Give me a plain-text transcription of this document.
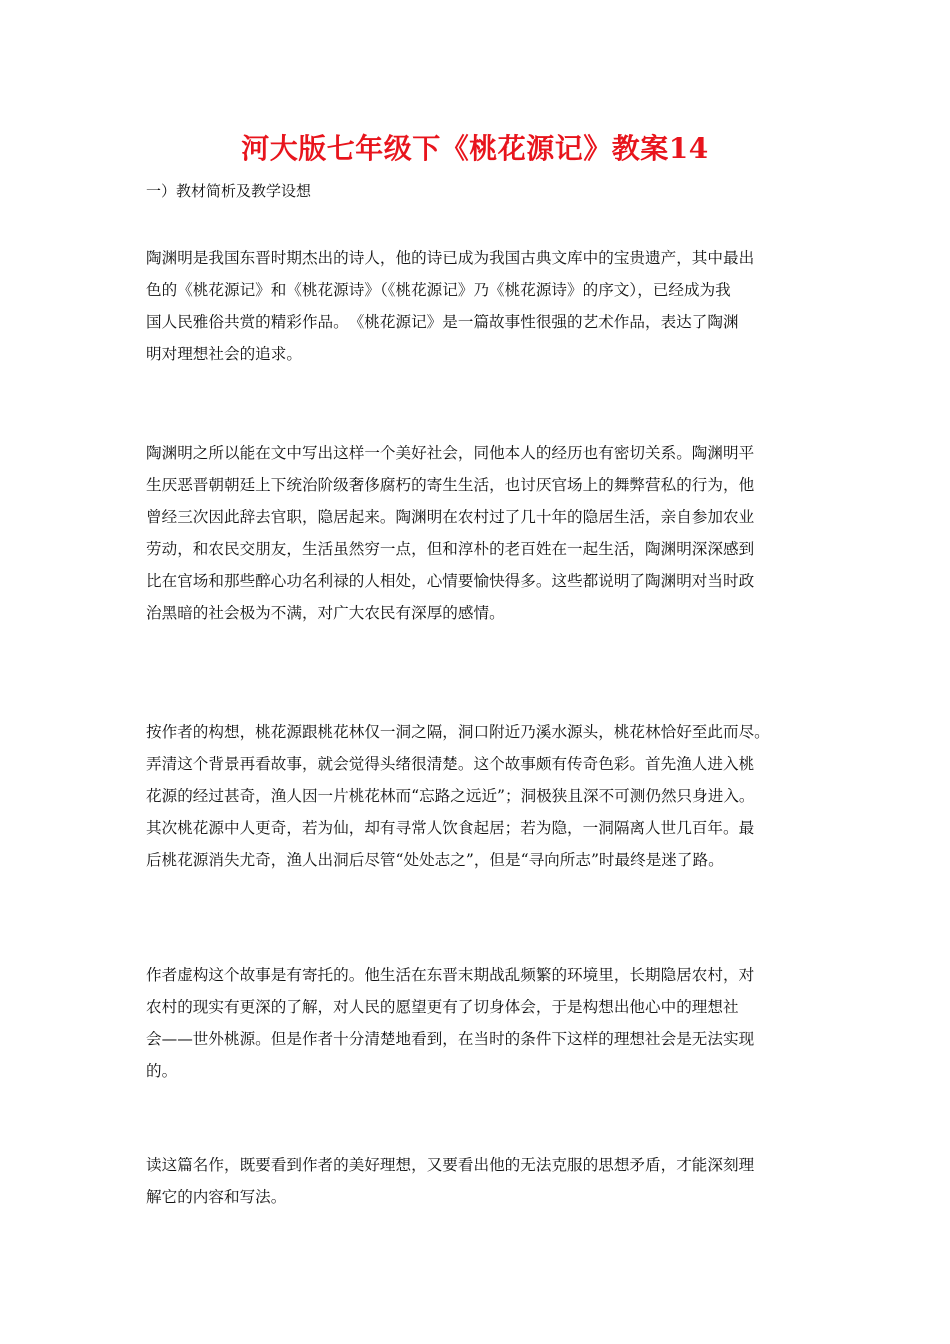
河大版七年级下《桃花源记》教案14
一）教材简析及教学设想
陶渊明是我国东晋时期杰出的诗人，他的诗已成为我国古典文库中的宝贵遗产，其中最出
色的《桃花源记》和《桃花源诗》（《桃花源记》乃《桃花源诗》的序文），已经成为我
国人民雅俗共赏的精彩作品。　《桃花源记》是一篇故事性很强的艺术作品，表达了陶渊
明对理想社会的追求。
陶渊明之所以能在文中写出这样一个美好社会，同他本人的经历也有密切关系。陶渊明平
生厌恶晋朝朝廷上下统治阶级奢侈腐朽的寄生生活，也讨厌官场上的舞弊营私的行为，他
曾经三次因此辞去官职，隐居起来。陶渊明在农村过了几十年的隐居生活，亲自参加农业
劳动，和农民交朋友，生活虽然穷一点，但和淳朴的老百姓在一起生活，陶渊明深深感到
比在官场和那些醉心功名利禄的人相处，心情要愉快得多。这些都说明了陶渊明对当时政
治黑暗的社会极为不满，对广大农民有深厚的感情。
按作者的构想，桃花源跟桃花林仅一洞之隔，洞口附近乃溪水源头，桃花林恰好至此而尽。
弄清这个背景再看故事，就会觉得头绪很清楚。这个故事颇有传奇色彩。首先渔人进入桃
花源的经过甚奇，渔人因一片桃花林而“忘路之远近”；洞极狭且深不可测仍然只身进入。
其次桃花源中人更奇，若为仙，却有寻常人饮食起居；若为隐，一洞隔离人世几百年。最
后桃花源消失尤奇，渔人出洞后尽管“处处志之”，但是“寻向所志”时最终是迷了路。
作者虚构这个故事是有寄托的。他生活在东晋末期战乱频繁的环境里，长期隐居农村，对
农村的现实有更深的了解，对人民的愿望更有了切身体会，于是构想出他心中的理想社
会——世外桃源。但是作者十分清楚地看到，在当时的条件下这样的理想社会是无法实现
的。
读这篇名作，既要看到作者的美好理想，又要看出他的无法克服的思想矛盾，才能深刻理
解它的内容和写法。
